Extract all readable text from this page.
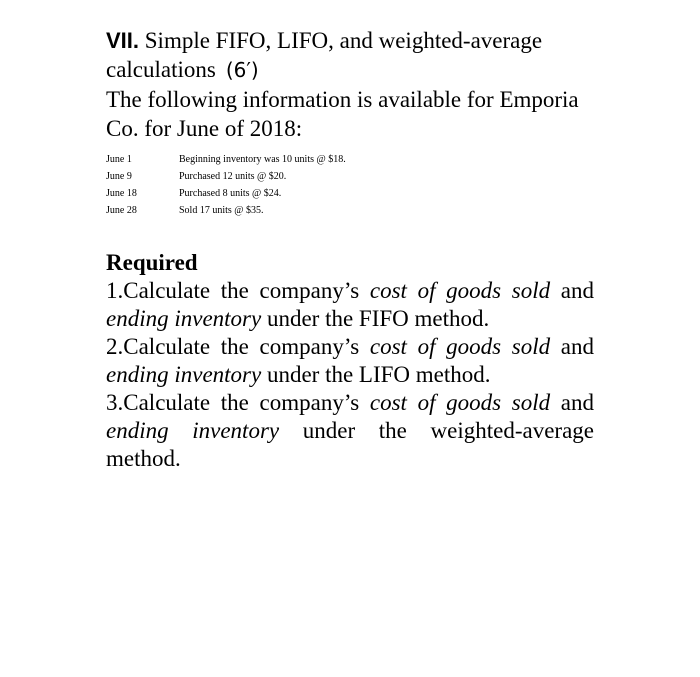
VII. Simple FIFO, LIFO, and weighted-average calculations (6′)
The following information is available for Emporia Co. for June of 2018:
June 1	Beginning inventory was 10 units @ $18.
June 9	Purchased 12 units @ $20.
June 18	Purchased 8 units @ $24.
June 28	Sold 17 units @ $35.
Required
1.Calculate the company’s cost of goods sold and ending inventory under the FIFO method.
2.Calculate the company’s cost of goods sold and ending inventory under the LIFO method.
3.Calculate the company’s cost of goods sold and ending inventory under the weighted-average method.
